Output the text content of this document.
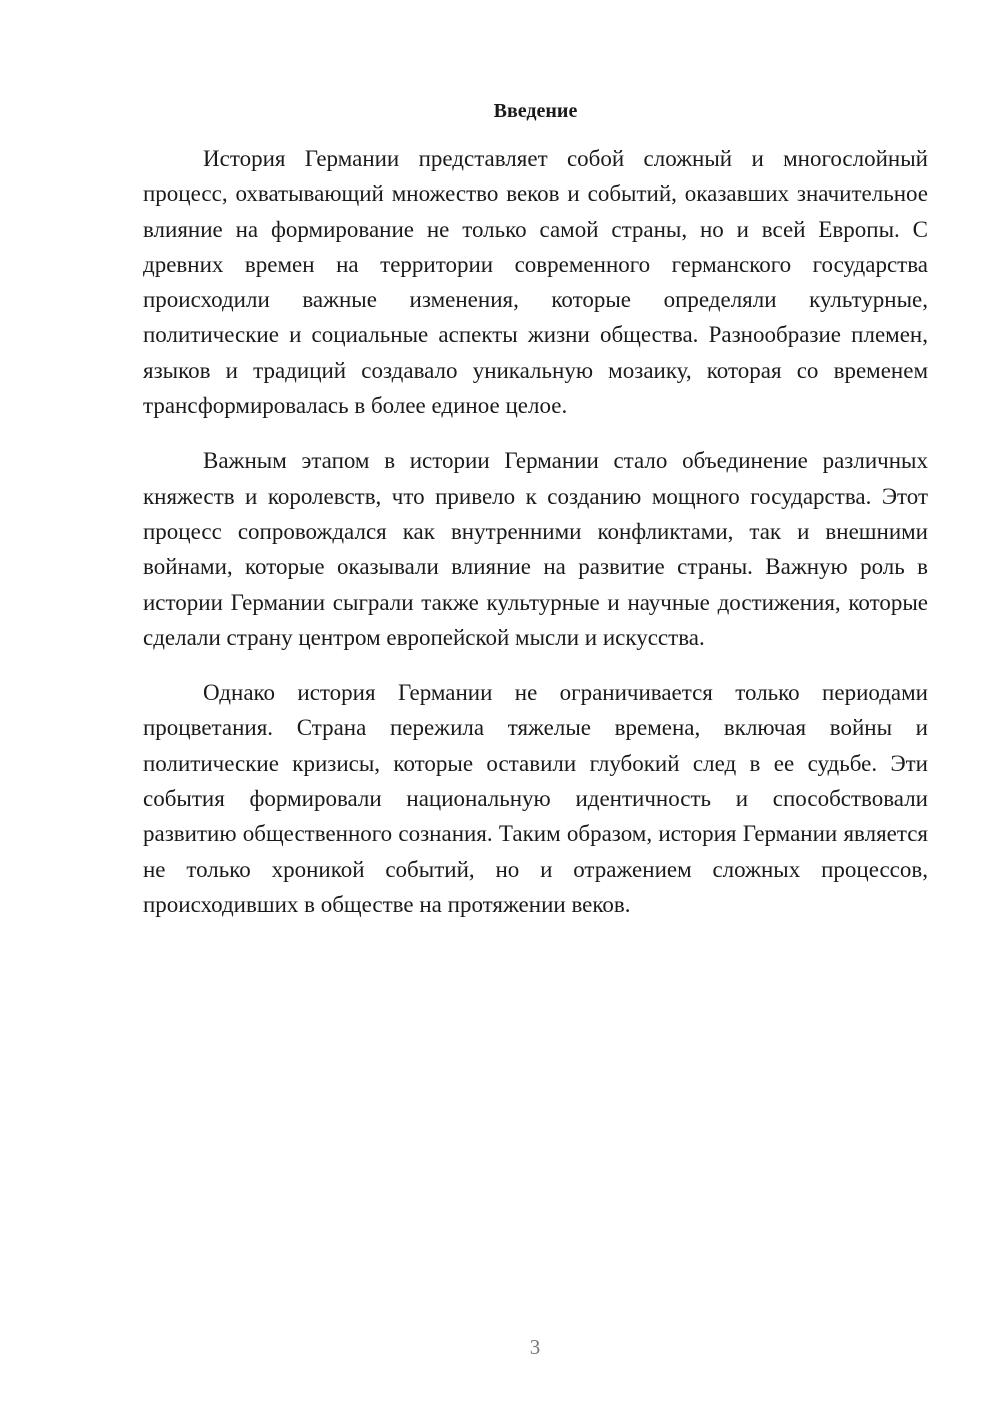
Введение

История Германии представляет собой сложный и многослойный процесс, охватывающий множество веков и событий, оказавших значительное влияние на формирование не только самой страны, но и всей Европы. С древних времен на территории современного германского государства происходили важные изменения, которые определяли культурные, политические и социальные аспекты жизни общества. Разнообразие племен, языков и традиций создавало уникальную мозаику, которая со временем трансформировалась в более единое целое.

Важным этапом в истории Германии стало объединение различных княжеств и королевств, что привело к созданию мощного государства. Этот процесс сопровождался как внутренними конфликтами, так и внешними войнами, которые оказывали влияние на развитие страны. Важную роль в истории Германии сыграли также культурные и научные достижения, которые сделали страну центром европейской мысли и искусства.

Однако история Германии не ограничивается только периодами процветания. Страна пережила тяжелые времена, включая войны и политические кризисы, которые оставили глубокий след в ее судьбе. Эти события формировали национальную идентичность и способствовали развитию общественного сознания. Таким образом, история Германии является не только хроникой событий, но и отражением сложных процессов, происходивших в обществе на протяжении веков.

3
